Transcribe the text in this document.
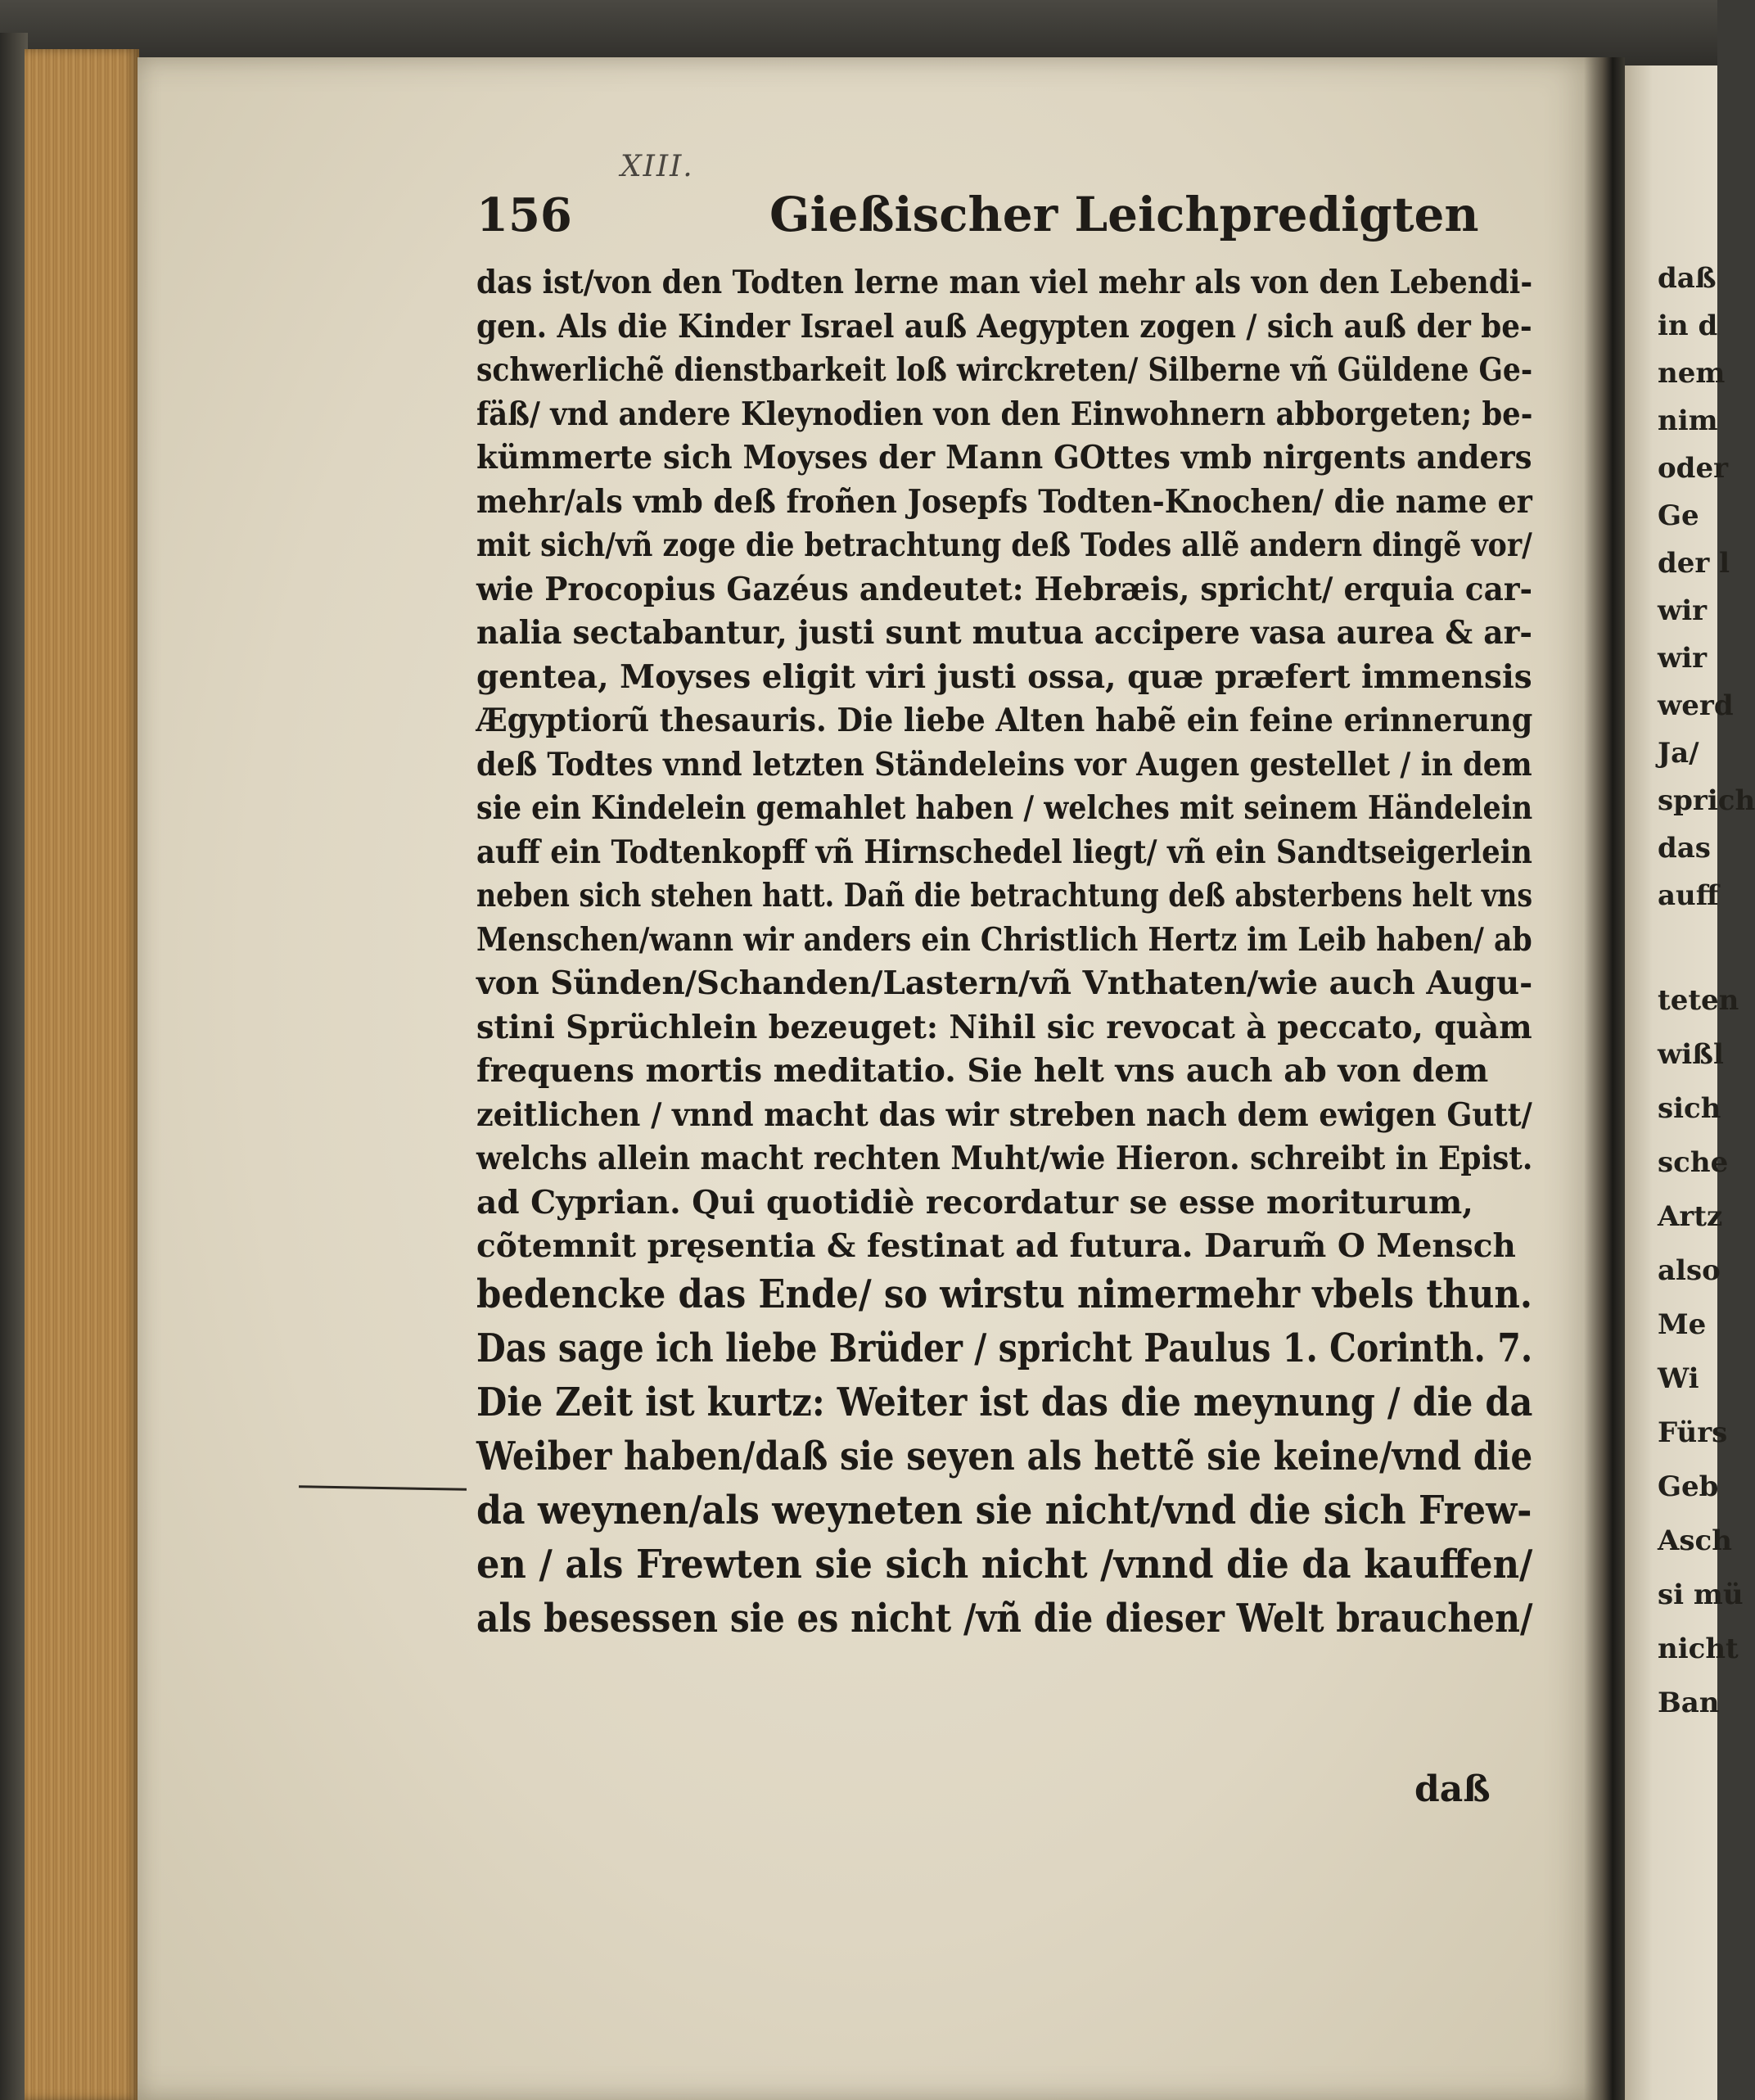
XIII.
156	Gießischer Leichpredigten
das ist/von den Todten lerne man viel mehr als von den Lebendi-
gen. Als die Kinder Israel auß Aegypten zogen / sich auß der be-
schwerlichẽ dienstbarkeit loß wirckreten/ Silberne vñ Güldene Ge-
fäß/ vnd andere Kleynodien von den Einwohnern abborgeten; be-
kümmerte sich Moyses der Mann GOttes vmb nirgents anders
mehr/als vmb deß froñen Josepfs Todten-Knochen/ die name er
mit sich/vñ zoge die betrachtung deß Todes allẽ andern dingẽ vor/
wie Procopius Gazéus andeutet: Hebræis, spricht/ erquia car-
nalia sectabantur, justi sunt mutua accipere vasa aurea & ar-
gentea, Moyses eligit viri justi ossa, quæ præfert immensis
Ægyptiorũ thesauris. Die liebe Alten habẽ ein feine erinnerung
deß Todtes vnnd letzten Ständeleins vor Augen gestellet / in dem
sie ein Kindelein gemahlet haben / welches mit seinem Händelein
auff ein Todtenkopff vñ Hirnschedel liegt/ vñ ein Sandtseigerlein
neben sich stehen hatt. Dañ die betrachtung deß absterbens helt vns
Menschen/wann wir anders ein Christlich Hertz im Leib haben/ ab
von Sünden/Schanden/Lastern/vñ Vnthaten/wie auch Augu-
stini Sprüchlein bezeuget: Nihil sic revocat à peccato, quàm
frequens mortis meditatio. Sie helt vns auch ab von dem
zeitlichen / vnnd macht das wir streben nach dem ewigen Gutt/
welchs allein macht rechten Muht/wie Hieron. schreibt in Epist.
ad Cyprian. Qui quotidiè recordatur se esse moriturum,
cõtemnit pręsentia & festinat ad futura. Darum̃ O Mensch
bedencke das Ende/ so wirstu nimermehr vbels thun.
Das sage ich liebe Brüder / spricht Paulus 1. Corinth. 7.
Die Zeit ist kurtz: Weiter ist das die meynung / die da
Weiber haben/daß sie seyen als hettẽ sie keine/vnd die
da weynen/als weyneten sie nicht/vnd die sich Frew-
en / als Frewten sie sich nicht /vnnd die da kauffen/
als besessen sie es nicht /vñ die dieser Welt brauchen/
daß
daß
in d
nem
nim
oder
Ge
der l
wir
wir
werd
Ja/
sprich
das
auff
teten
wißl
sich
sche
Artz
also
Me
Wi
Fürs
Geb
Asch
si mü
nicht
Ban
